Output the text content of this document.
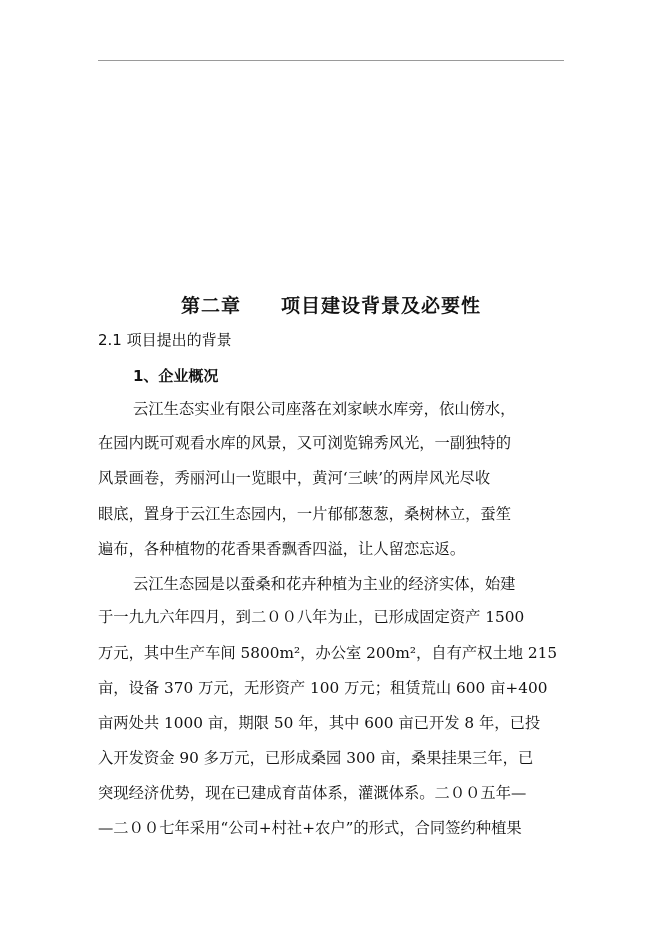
第二章 项目建设背景及必要性
2.1 项目提出的背景
1、企业概况
云江生态实业有限公司座落在刘家峡水库旁，依山傍水，
在园内既可观看水库的风景，又可浏览锦秀风光，一副独特的
风景画卷，秀丽河山一览眼中，黄河‘三峡’的两岸风光尽收
眼底，置身于云江生态园内，一片郁郁葱葱，桑树林立，蚕笙
遍布，各种植物的花香果香飘香四溢，让人留恋忘返。
云江生态园是以蚕桑和花卉种植为主业的经济实体，始建
于一九九六年四月，到二００八年为止，已形成固定资产 1500
万元，其中生产车间 5800m²，办公室 200m²，自有产权土地 215
亩，设备 370 万元，无形资产 100 万元；租赁荒山 600 亩+400
亩两处共 1000 亩，期限 50 年，其中 600 亩已开发 8 年，已投
入开发资金 90 多万元，已形成桑园 300 亩，桑果挂果三年，已
突现经济优势，现在已建成育苗体系，灌溉体系。二００五年—
—二００七年采用“公司+村社+农户”的形式，合同签约种植果
